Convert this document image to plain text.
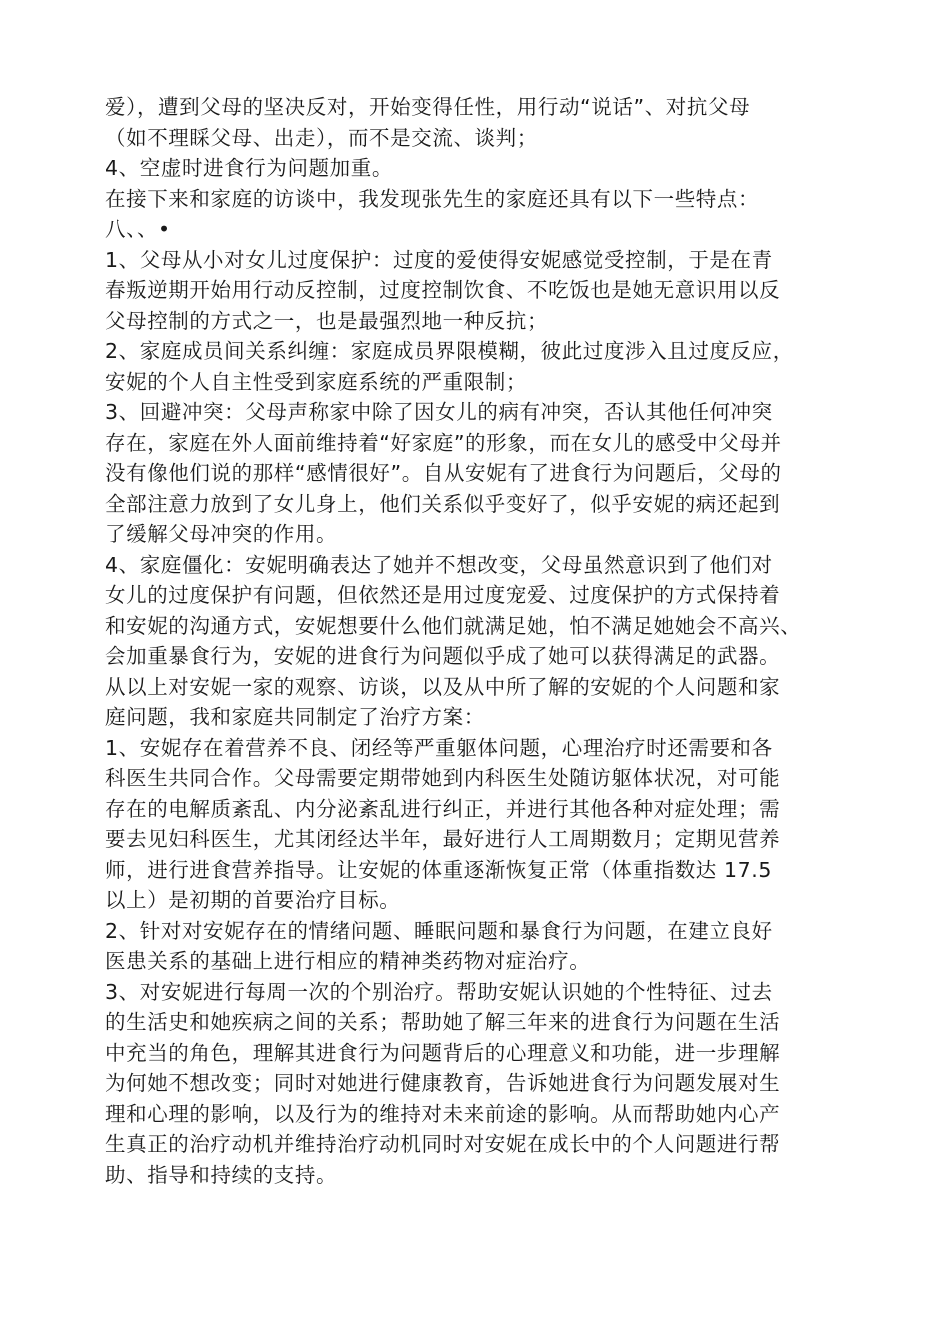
爱），遭到父母的坚决反对，开始变得任性，用行动“说话”、对抗父母
（如不理睬父母、出走），而不是交流、谈判；
4、空虚时进食行为问题加重。
在接下来和家庭的访谈中，我发现张先生的家庭还具有以下一些特点：
八、、•
1、父母从小对女儿过度保护：过度的爱使得安妮感觉受控制，于是在青
春叛逆期开始用行动反控制，过度控制饮食、不吃饭也是她无意识用以反
父母控制的方式之一，也是最强烈地一种反抗；
2、家庭成员间关系纠缠：家庭成员界限模糊，彼此过度涉入且过度反应，
安妮的个人自主性受到家庭系统的严重限制；
3、回避冲突：父母声称家中除了因女儿的病有冲突，否认其他任何冲突
存在，家庭在外人面前维持着“好家庭”的形象，而在女儿的感受中父母并
没有像他们说的那样“感情很好”。自从安妮有了进食行为问题后，父母的
全部注意力放到了女儿身上，他们关系似乎变好了，似乎安妮的病还起到
了缓解父母冲突的作用。
4、家庭僵化：安妮明确表达了她并不想改变，父母虽然意识到了他们对
女儿的过度保护有问题，但依然还是用过度宠爱、过度保护的方式保持着
和安妮的沟通方式，安妮想要什么他们就满足她，怕不满足她她会不高兴、
会加重暴食行为，安妮的进食行为问题似乎成了她可以获得满足的武器。
从以上对安妮一家的观察、访谈，以及从中所了解的安妮的个人问题和家
庭问题，我和家庭共同制定了治疗方案：
1、安妮存在着营养不良、闭经等严重躯体问题，心理治疗时还需要和各
科医生共同合作。父母需要定期带她到内科医生处随访躯体状况，对可能
存在的电解质紊乱、内分泌紊乱进行纠正，并进行其他各种对症处理；需
要去见妇科医生，尤其闭经达半年，最好进行人工周期数月；定期见营养
师，进行进食营养指导。让安妮的体重逐渐恢复正常（体重指数达 17.5
以上）是初期的首要治疗目标。
2、针对对安妮存在的情绪问题、睡眠问题和暴食行为问题，在建立良好
医患关系的基础上进行相应的精神类药物对症治疗。
3、对安妮进行每周一次的个别治疗。帮助安妮认识她的个性特征、过去
的生活史和她疾病之间的关系；帮助她了解三年来的进食行为问题在生活
中充当的角色，理解其进食行为问题背后的心理意义和功能，进一步理解
为何她不想改变；同时对她进行健康教育，告诉她进食行为问题发展对生
理和心理的影响，以及行为的维持对未来前途的影响。从而帮助她内心产
生真正的治疗动机并维持治疗动机同时对安妮在成长中的个人问题进行帮
助、指导和持续的支持。
